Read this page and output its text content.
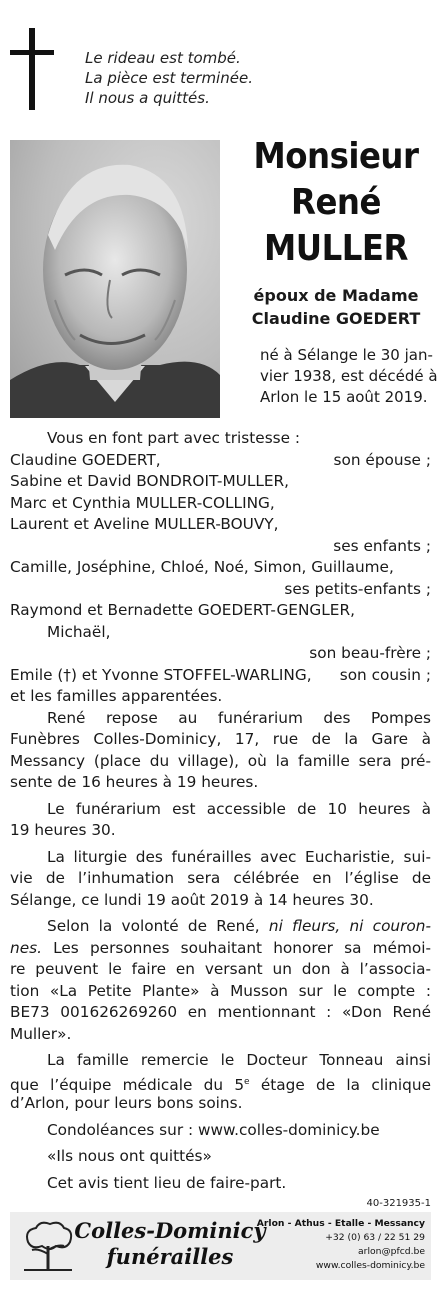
Le rideau est tombé.
La pièce est terminée.
Il nous a quittés.
Monsieur
René
MULLER
époux de Madame
Claudine GOEDERT
né à Sélange le 30 jan-
vier 1938, est décédé à
Arlon le 15 août 2019.
Vous en font part avec tristesse :
Claudine GOEDERT,	son épouse ;
Sabine et David BONDROIT-MULLER,
Marc et Cynthia MULLER-COLLING,
Laurent et Aveline MULLER-BOUVY,
ses enfants ;
Camille, Joséphine, Chloé, Noé, Simon, Guillaume,
ses petits-enfants ;
Raymond et Bernadette GOEDERT-GENGLER,
Michaël,
son beau-frère ;
Emile (†) et Yvonne STOFFEL-WARLING, son cousin ;
et les familles apparentées.
René repose au funérarium des Pompes
Funèbres Colles-Dominicy, 17, rue de la Gare à
Messancy (place du village), où la famille sera pré-
sente de 16 heures à 19 heures.
Le funérarium est accessible de 10 heures à
19 heures 30.
La liturgie des funérailles avec Eucharistie, sui-
vie de l’inhumation sera célébrée en l’église de
Sélange, ce lundi 19 août 2019 à 14 heures 30.
Selon la volonté de René, ni fleurs, ni couron-
nes. Les personnes souhaitant honorer sa mémoi-
re peuvent le faire en versant un don à l’associa-
tion «La Petite Plante» à Musson sur le compte :
BE73 001626269260 en mentionnant : «Don René
Muller».
La famille remercie le Docteur Tonneau ainsi
que l’équipe médicale du 5e étage de la clinique
d’Arlon, pour leurs bons soins.
Condoléances sur : www.colles-dominicy.be
«Ils nous ont quittés»
Cet avis tient lieu de faire-part.
40-321935-1
Colles-Dominicy
funérailles
Arlon - Athus - Etalle - Messancy
+32 (0) 63 / 22 51 29
arlon@pfcd.be
www.colles-dominicy.be
